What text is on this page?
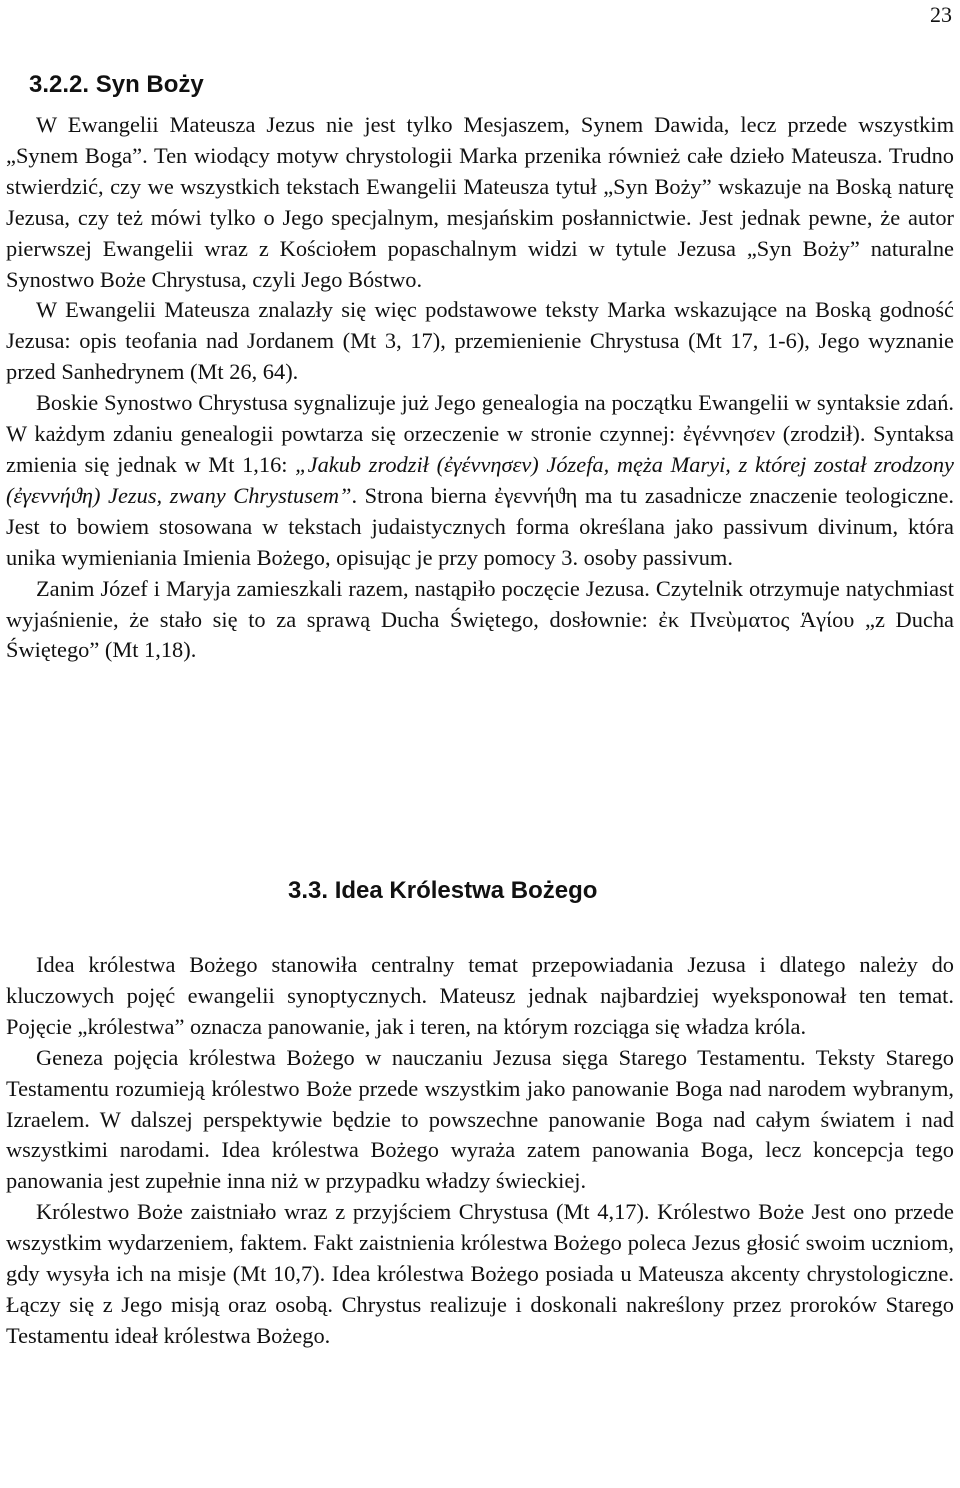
23
3.2.2. Syn Boży

W Ewangelii Mateusza Jezus nie jest tylko Mesjaszem, Synem Dawida, lecz przede wszystkim „Synem Boga”. Ten wiodący motyw chrystologii Marka przenika również całe dzieło Mateusza. Trudno stwierdzić, czy we wszystkich tekstach Ewangelii Mateusza tytuł „Syn Boży” wskazuje na Boską naturę Jezusa, czy też mówi tylko o Jego specjalnym, mesjańskim posłannictwie. Jest jednak pewne, że autor pierwszej Ewangelii wraz z Kościołem popaschalnym widzi w tytule Jezusa „Syn Boży” naturalne Synostwo Boże Chrystusa, czyli Jego Bóstwo.

W Ewangelii Mateusza znalazły się więc podstawowe teksty Marka wskazujące na Boską godność Jezusa: opis teofania nad Jordanem (Mt 3, 17), przemienienie Chrystusa (Mt 17, 1-6), Jego wyznanie przed Sanhedrynem (Mt 26, 64).

Boskie Synostwo Chrystusa sygnalizuje już Jego genealogia na początku Ewangelii w syntaksie zdań. W każdym zdaniu genealogii powtarza się orzeczenie w stronie czynnej: ἐγέννησεν (zrodził). Syntaksa zmienia się jednak w Mt 1,16: „Jakub zrodził (ἐγέννησεν) Józefa, męża Maryi, z której został zrodzony (ἐγεννήϑη) Jezus, zwany Chrystusem”. Strona bierna ἐγεννήϑη ma tu zasadnicze znaczenie teologiczne. Jest to bowiem stosowana w tekstach judaistycznych forma określana jako passivum divinum, która unika wymieniania Imienia Bożego, opisując je przy pomocy 3. osoby passivum.

Zanim Józef i Maryja zamieszkali razem, nastąpiło poczęcie Jezusa. Czytelnik otrzymuje natychmiast wyjaśnienie, że stało się to za sprawą Ducha Świętego, dosłownie: ἐκ Πνεὺματος Ἁγίου „z Ducha Świętego” (Mt 1,18).

3.3. Idea Królestwa Bożego

Idea królestwa Bożego stanowiła centralny temat przepowiadania Jezusa i dlatego należy do kluczowych pojęć ewangelii synoptycznych. Mateusz jednak najbardziej wyeksponował ten temat. Pojęcie „królestwa” oznacza panowanie, jak i teren, na którym rozciąga się władza króla.

Geneza pojęcia królestwa Bożego w nauczaniu Jezusa sięga Starego Testamentu. Teksty Starego Testamentu rozumieją królestwo Boże przede wszystkim jako panowanie Boga nad narodem wybranym, Izraelem. W dalszej perspektywie będzie to powszechne panowanie Boga nad całym światem i nad wszystkimi narodami. Idea królestwa Bożego wyraża zatem panowania Boga, lecz koncepcja tego panowania jest zupełnie inna niż w przypadku władzy świeckiej.

Królestwo Boże zaistniało wraz z przyjściem Chrystusa (Mt 4,17). Królestwo Boże Jest ono przede wszystkim wydarzeniem, faktem. Fakt zaistnienia królestwa Bożego poleca Jezus głosić swoim uczniom, gdy wysyła ich na misje (Mt 10,7). Idea królestwa Bożego posiada u Mateusza akcenty chrystologiczne. Łączy się z Jego misją oraz osobą. Chrystus realizuje i doskonali nakreślony przez proroków Starego Testamentu ideał królestwa Bożego.
